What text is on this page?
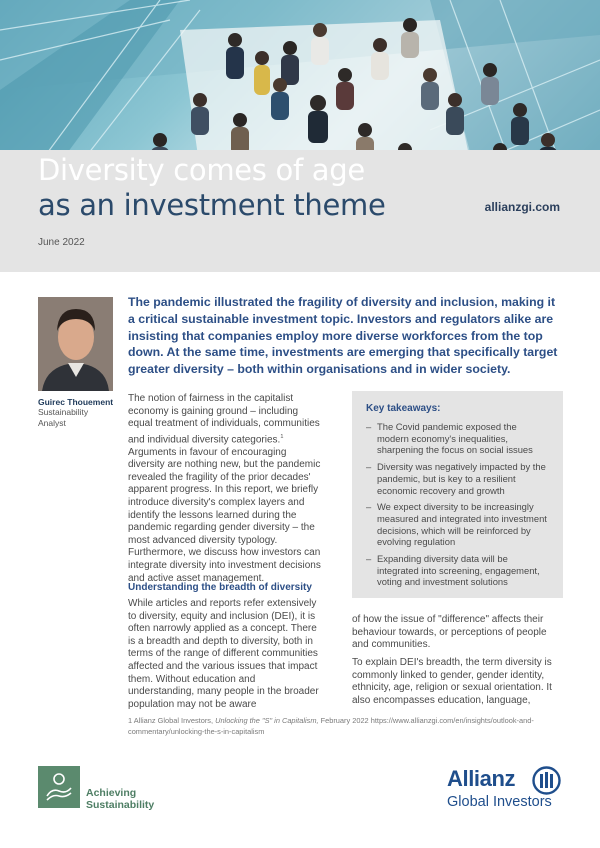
Diversity comes of age
as an investment theme	allianzgi.com
June 2022
Guirec Thouement
Sustainability Analyst
The pandemic illustrated the fragility of diversity and inclusion, making it a critical sustainable investment topic. Investors and regulators alike are insisting that companies employ more diverse workforces from the top down. At the same time, investments are emerging that specifically target greater diversity – both within organisations and in wider society.
The notion of fairness in the capitalist economy is gaining ground – including equal treatment of individuals, communities and individual diversity categories.$^1$ Arguments in favour of encouraging diversity are nothing new, but the pandemic revealed the fragility of the prior decades' apparent progress. In this report, we briefly introduce diversity's complex layers and identify the lessons learned during the pandemic regarding gender diversity – the most advanced diversity typology. Furthermore, we discuss how investors can integrate diversity into investment decisions and active asset management.
Understanding the breadth of diversity
While articles and reports refer extensively to diversity, equity and inclusion (DEI), it is often narrowly applied as a concept. There is a breadth and depth to diversity, both in terms of the range of different communities affected and the various issues that impact them. Without education and understanding, many people in the broader population may not be aware
Key takeaways:
– The Covid pandemic exposed the modern economy's inequalities, sharpening the focus on social issues
– Diversity was negatively impacted by the pandemic, but is key to a resilient economic recovery and growth
– We expect diversity to be increasingly measured and integrated into investment decisions, which will be reinforced by evolving regulation
– Expanding diversity data will be integrated into screening, engagement, voting and investment solutions
of how the issue of "difference" affects their behaviour towards, or perceptions of people and communities.
To explain DEI's breadth, the term diversity is commonly linked to gender, gender identity, ethnicity, age, religion or sexual orientation. It also encompasses education, language,
1 Allianz Global Investors, Unlocking the "S" in Capitalism, February 2022 https://www.allianzgi.com/en/insights/outlook-and-commentary/unlocking-the-s-in-capitalism
Achieving
Sustainability
Allianz
Global Investors
